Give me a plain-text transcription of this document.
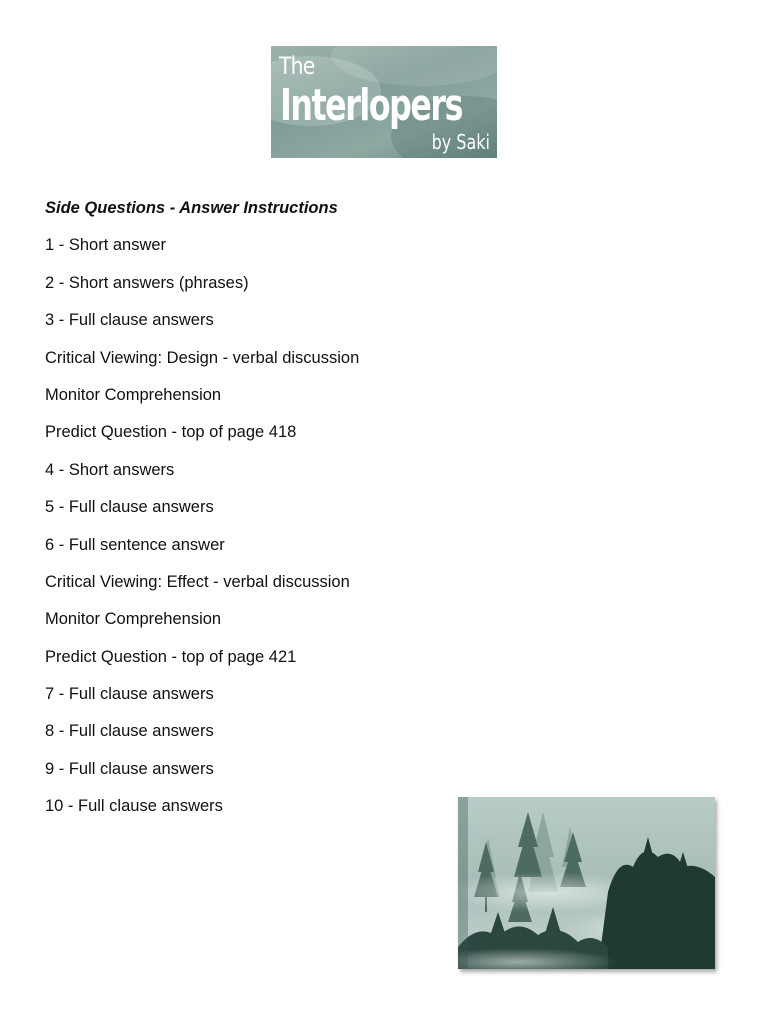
The
Interlopers
by Saki
Side Questions - Answer Instructions
1 - Short answer
2 - Short answers (phrases)
3 - Full clause answers
Critical Viewing: Design - verbal discussion
Monitor Comprehension
Predict Question - top of page 418
4 - Short answers
5 - Full clause answers
6 - Full sentence answer
Critical Viewing: Effect - verbal discussion
Monitor Comprehension
Predict Question - top of page 421
7 - Full clause answers
8 - Full clause answers
9 - Full clause answers
10 - Full clause answers
